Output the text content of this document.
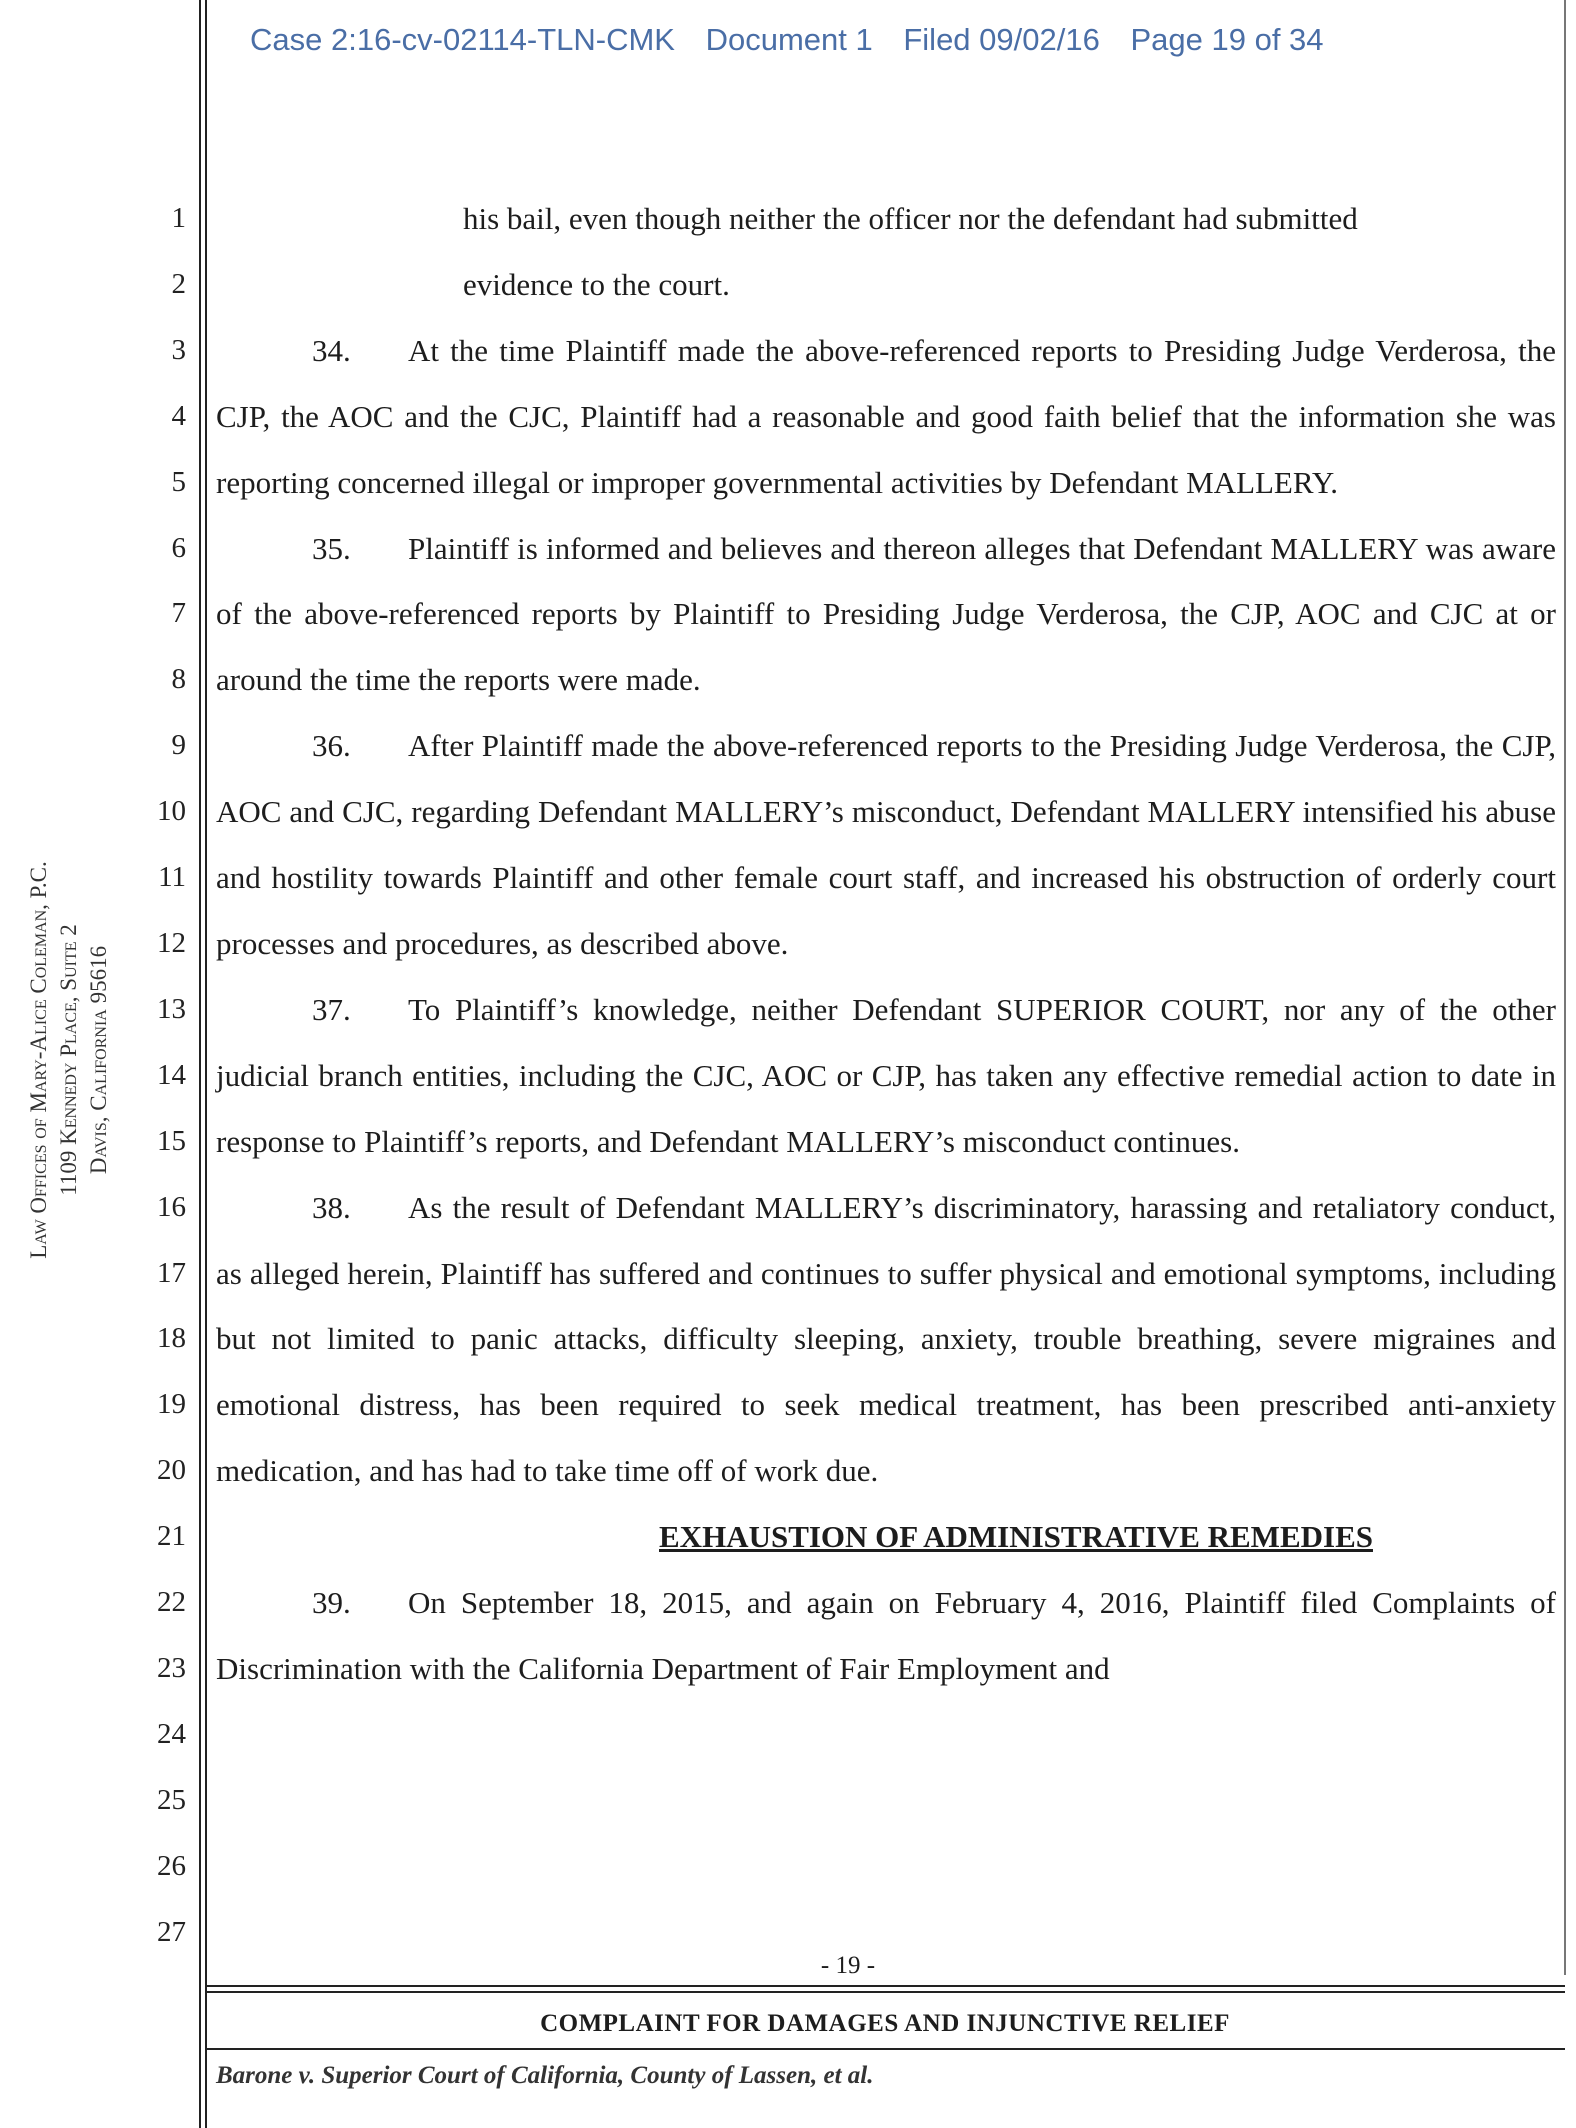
Case 2:16-cv-02114-TLN-CMK Document 1 Filed 09/02/16 Page 19 of 34
Law Offices of Mary-Alice Coleman, P.C. 1109 Kennedy Place, Suite 2 Davis, California 95616
1
2
3
4
5
6
7
8
9
10
11
12
13
14
15
16
17
18
19
20
21
22
23
24
25
26
27

his bail, even though neither the officer nor the defendant had submitted

evidence to the court.

34. At the time Plaintiff made the above-referenced reports to Presiding Judge Verderosa, the CJP, the AOC and the CJC, Plaintiff had a reasonable and good faith belief that the information she was reporting concerned illegal or improper governmental activities by Defendant MALLERY.

35. Plaintiff is informed and believes and thereon alleges that Defendant MALLERY was aware of the above-referenced reports by Plaintiff to Presiding Judge Verderosa, the CJP, AOC and CJC at or around the time the reports were made.

36. After Plaintiff made the above-referenced reports to the Presiding Judge Verderosa, the CJP, AOC and CJC, regarding Defendant MALLERY’s misconduct, Defendant MALLERY intensified his abuse and hostility towards Plaintiff and other female court staff, and increased his obstruction of orderly court processes and procedures, as described above.

37. To Plaintiff’s knowledge, neither Defendant SUPERIOR COURT, nor any of the other judicial branch entities, including the CJC, AOC or CJP, has taken any effective remedial action to date in response to Plaintiff’s reports, and Defendant MALLERY’s misconduct continues.

38. As the result of Defendant MALLERY’s discriminatory, harassing and retaliatory conduct, as alleged herein, Plaintiff has suffered and continues to suffer physical and emotional symptoms, including but not limited to panic attacks, difficulty sleeping, anxiety, trouble breathing, severe migraines and emotional distress, has been required to seek medical treatment, has been prescribed anti-anxiety medication, and has had to take time off of work due.

EXHAUSTION OF ADMINISTRATIVE REMEDIES

39. On September 18, 2015, and again on February 4, 2016, Plaintiff filed Complaints of Discrimination with the California Department of Fair Employment and

- 19 -
COMPLAINT FOR DAMAGES AND INJUNCTIVE RELIEF
Barone v. Superior Court of California, County of Lassen, et al.
